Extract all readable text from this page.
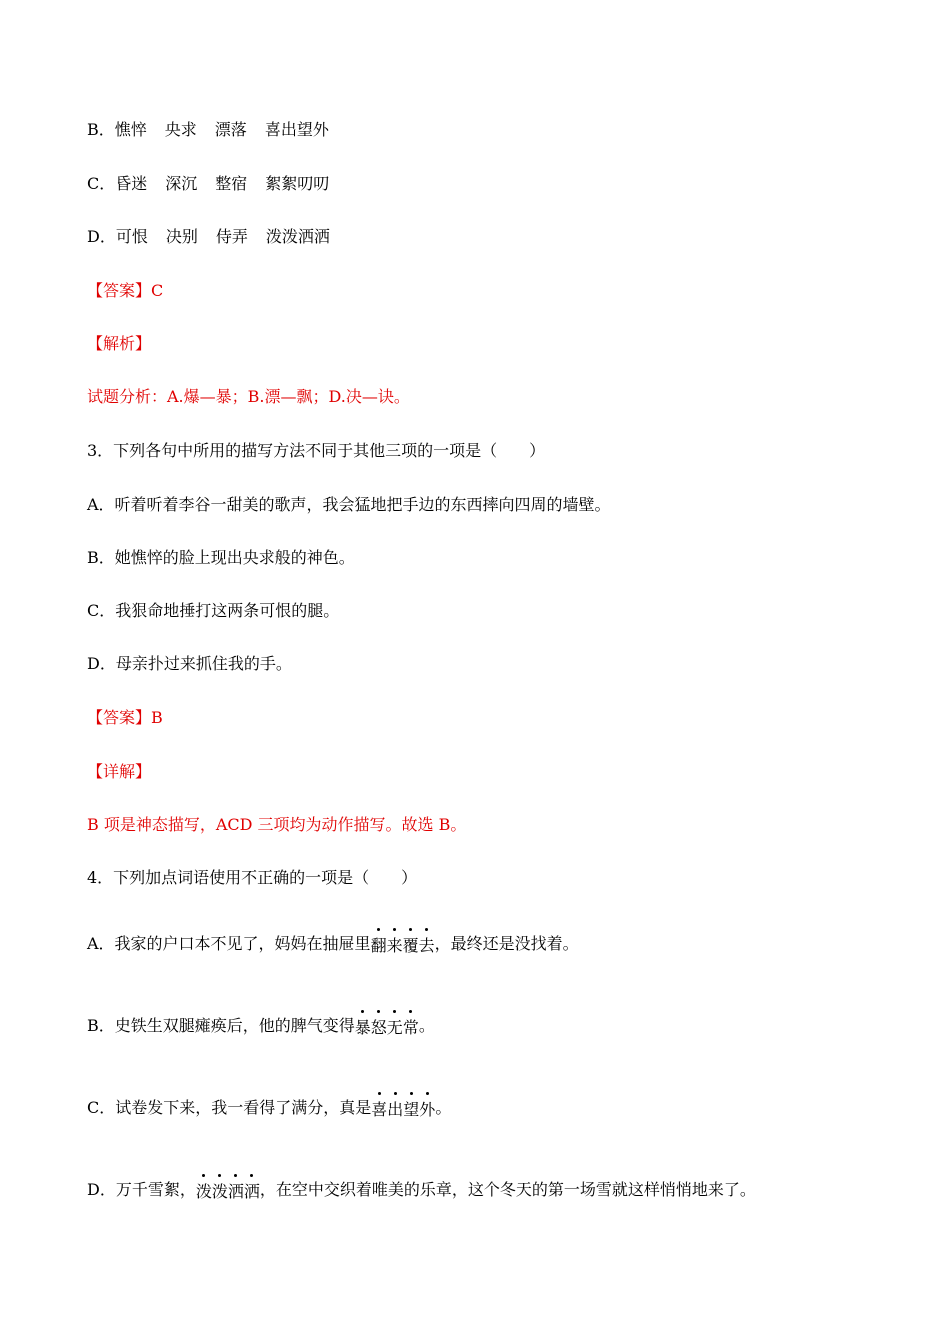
B．憔悴 央求 漂落 喜出望外
C．昏迷 深沉 整宿 絮絮叨叨
D．可恨 决别 侍弄 泼泼洒洒
【答案】C
【解析】
试题分析：A.爆—暴；B.漂—飘；D.决—诀。
3．下列各句中所用的描写方法不同于其他三项的一项是（　　）
A．听着听着李谷一甜美的歌声，我会猛地把手边的东西摔向四周的墙壁。
B．她憔悴的脸上现出央求般的神色。
C．我狠命地捶打这两条可恨的腿。
D．母亲扑过来抓住我的手。
【答案】B
【详解】
B 项是神态描写，ACD 三项均为动作描写。故选 B。
4．下列加点词语使用不正确的一项是（　　）
A．我家的户口本不见了，妈妈在抽屉里翻来覆去，最终还是没找着。
B．史铁生双腿瘫痪后，他的脾气变得暴怒无常。
C．试卷发下来，我一看得了满分，真是喜出望外。
D．万千雪絮，泼泼洒洒，在空中交织着唯美的乐章，这个冬天的第一场雪就这样悄悄地来了。
